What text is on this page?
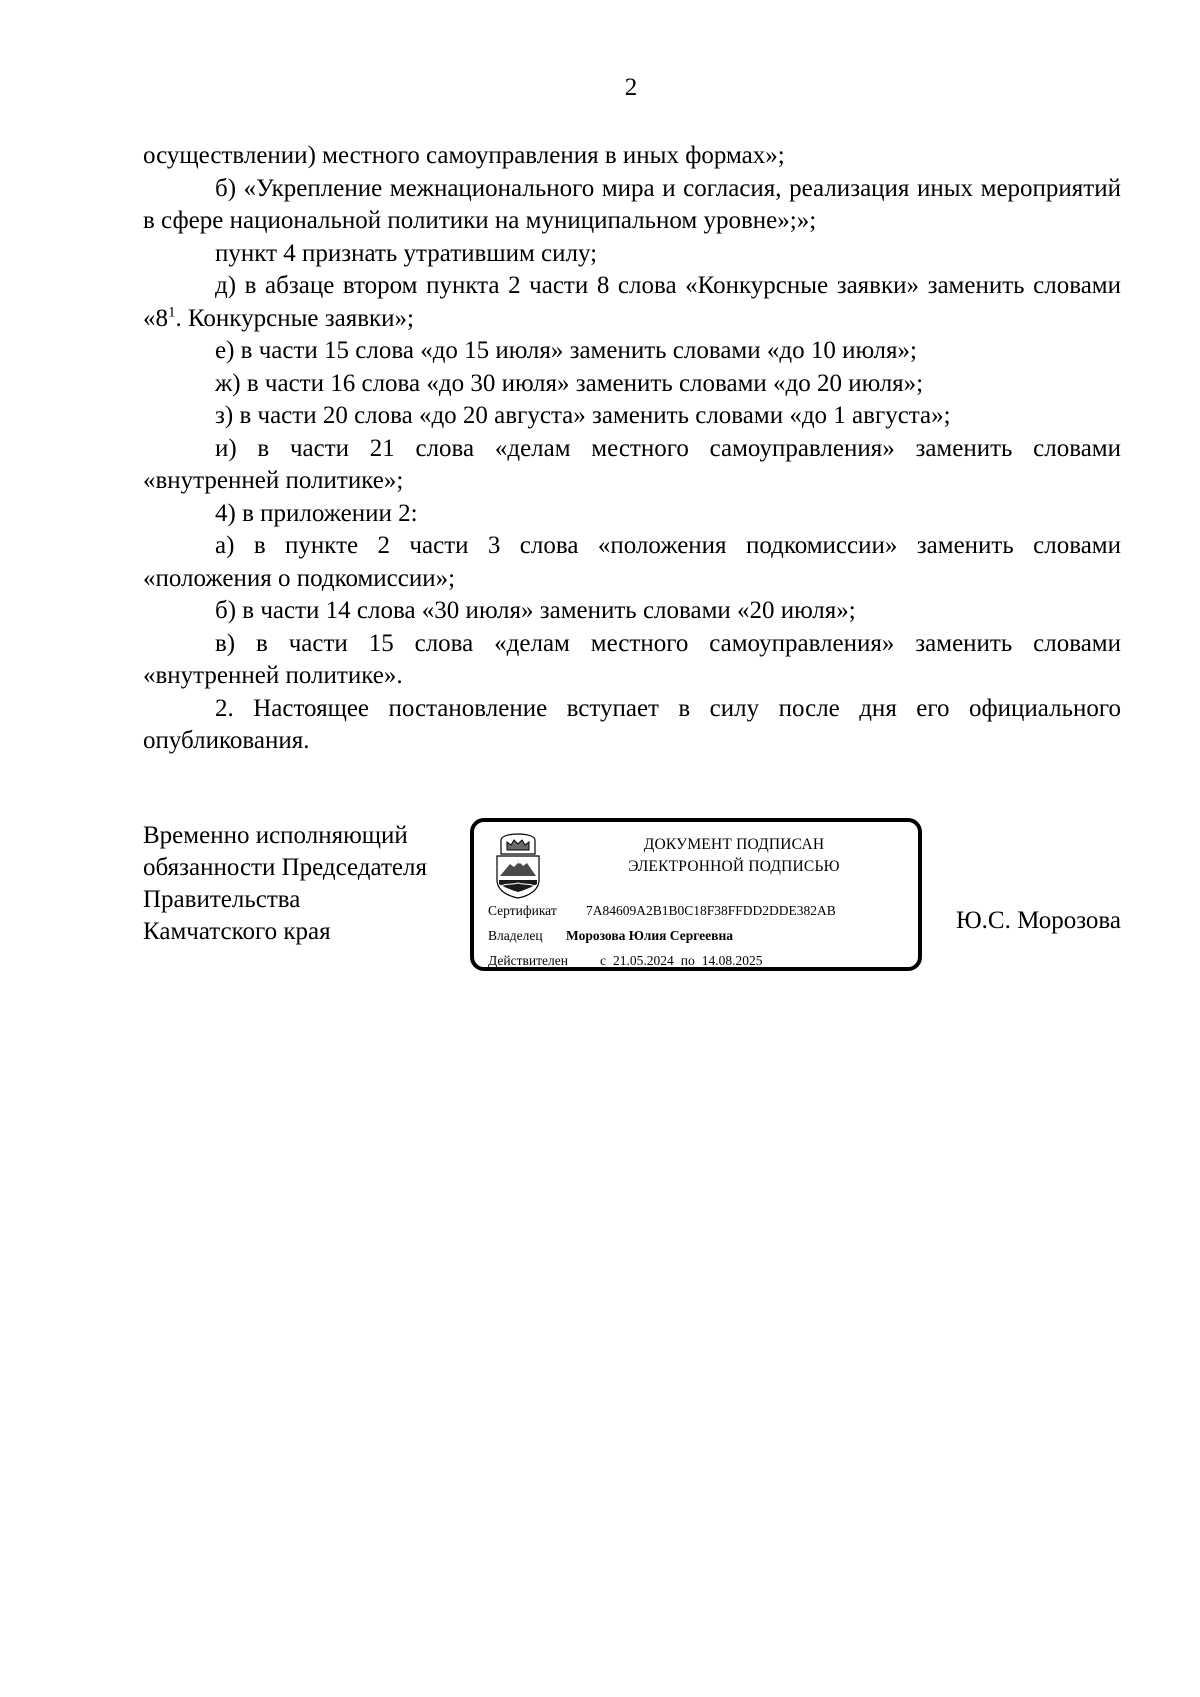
2

осуществлении) местного самоуправления в иных формах»;

б) «Укрепление межнационального мира и согласия, реализация иных мероприятий в сфере национальной политики на муниципальном уровне»;»;

пункт 4 признать утратившим силу;

д) в абзаце втором пункта 2 части 8 слова «Конкурсные заявки» заменить словами «$8^1$. Конкурсные заявки»;

е) в части 15 слова «до 15 июля» заменить словами «до 10 июля»;

ж) в части 16 слова «до 30 июля» заменить словами «до 20 июля»;

з) в части 20 слова «до 20 августа» заменить словами «до 1 августа»;

и) в части 21 слова «делам местного самоуправления» заменить словами «внутренней политике»;

4) в приложении 2:

а) в пункте 2 части 3 слова «положения подкомиссии» заменить словами «положения о подкомиссии»;

б) в части 14 слова «30 июля» заменить словами «20 июля»;

в) в части 15 слова «делам местного самоуправления» заменить словами «внутренней политике».

2. Настоящее постановление вступает в силу после дня его официального опубликования.

Временно исполняющий
обязанности Председателя
Правительства
Камчатского края
ДОКУМЕНТ ПОДПИСАН
ЭЛЕКТРОННОЙ ПОДПИСЬЮ
Сертификат 7A84609A2B1B0C18F38FFDD2DDE382AB
Владелец Морозова Юлия Сергеевна
Действителен с 21.05.2024 по 14.08.2025
Ю.С. Морозова
